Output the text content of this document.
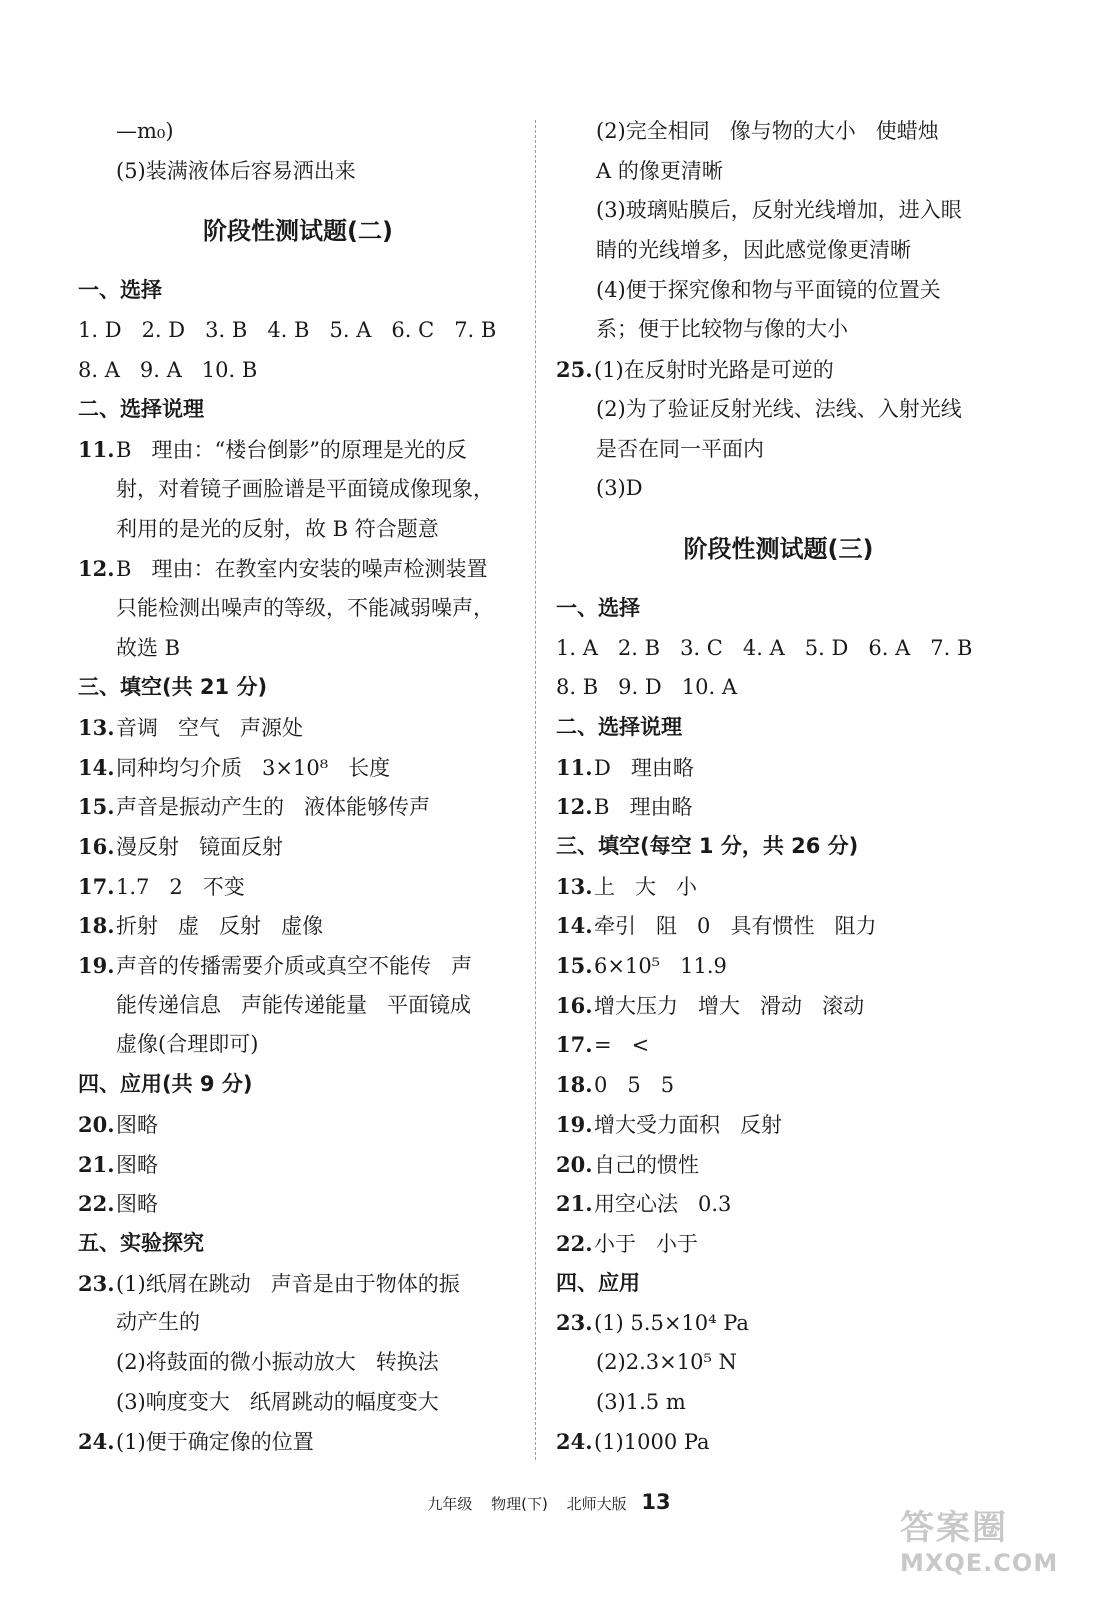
—m₀)
(5)装满液体后容易洒出来
阶段性测试题(二)
一、选择
1. D   2. D   3. B   4. B   5. A   6. C   7. B
8. A   9. A   10. B
二、选择说理
11.B   理由：“楼台倒影”的原理是光的反
射，对着镜子画脸谱是平面镜成像现象，
利用的是光的反射，故 B 符合题意
12.B   理由：在教室内安装的噪声检测装置
只能检测出噪声的等级，不能减弱噪声，
故选 B
三、填空(共 21 分)
13.音调   空气   声源处
14.同种均匀介质   3×10⁸   长度
15.声音是振动产生的   液体能够传声
16.漫反射   镜面反射
17.1.7   2   不变
18.折射   虚   反射   虚像
19.声音的传播需要介质或真空不能传   声
能传递信息   声能传递能量   平面镜成
虚像(合理即可)
四、应用(共 9 分)
20.图略
21.图略
22.图略
五、实验探究
23.(1)纸屑在跳动   声音是由于物体的振
动产生的
(2)将鼓面的微小振动放大   转换法
(3)响度变大   纸屑跳动的幅度变大
24.(1)便于确定像的位置
(2)完全相同   像与物的大小   使蜡烛
A 的像更清晰
(3)玻璃贴膜后，反射光线增加，进入眼
睛的光线增多，因此感觉像更清晰
(4)便于探究像和物与平面镜的位置关
系；便于比较物与像的大小
25.(1)在反射时光路是可逆的
(2)为了验证反射光线、法线、入射光线
是否在同一平面内
(3)D
阶段性测试题(三)
一、选择
1. A   2. B   3. C   4. A   5. D   6. A   7. B
8. B   9. D   10. A
二、选择说理
11.D   理由略
12.B   理由略
三、填空(每空 1 分，共 26 分)
13.上   大   小
14.牵引   阻   0   具有惯性   阻力
15.6×10⁵   11.9
16.增大压力   增大   滑动   滚动
17.=   <
18.0   5   5
19.增大受力面积   反射
20.自己的惯性
21.用空心法   0.3
22.小于   小于
四、应用
23.(1) 5.5×10⁴ Pa
(2)2.3×10⁵ N
(3)1.5 m
24.(1)1000 Pa
九年级 物理(下) 北师大版 13
答案圈
MXQE.COM
